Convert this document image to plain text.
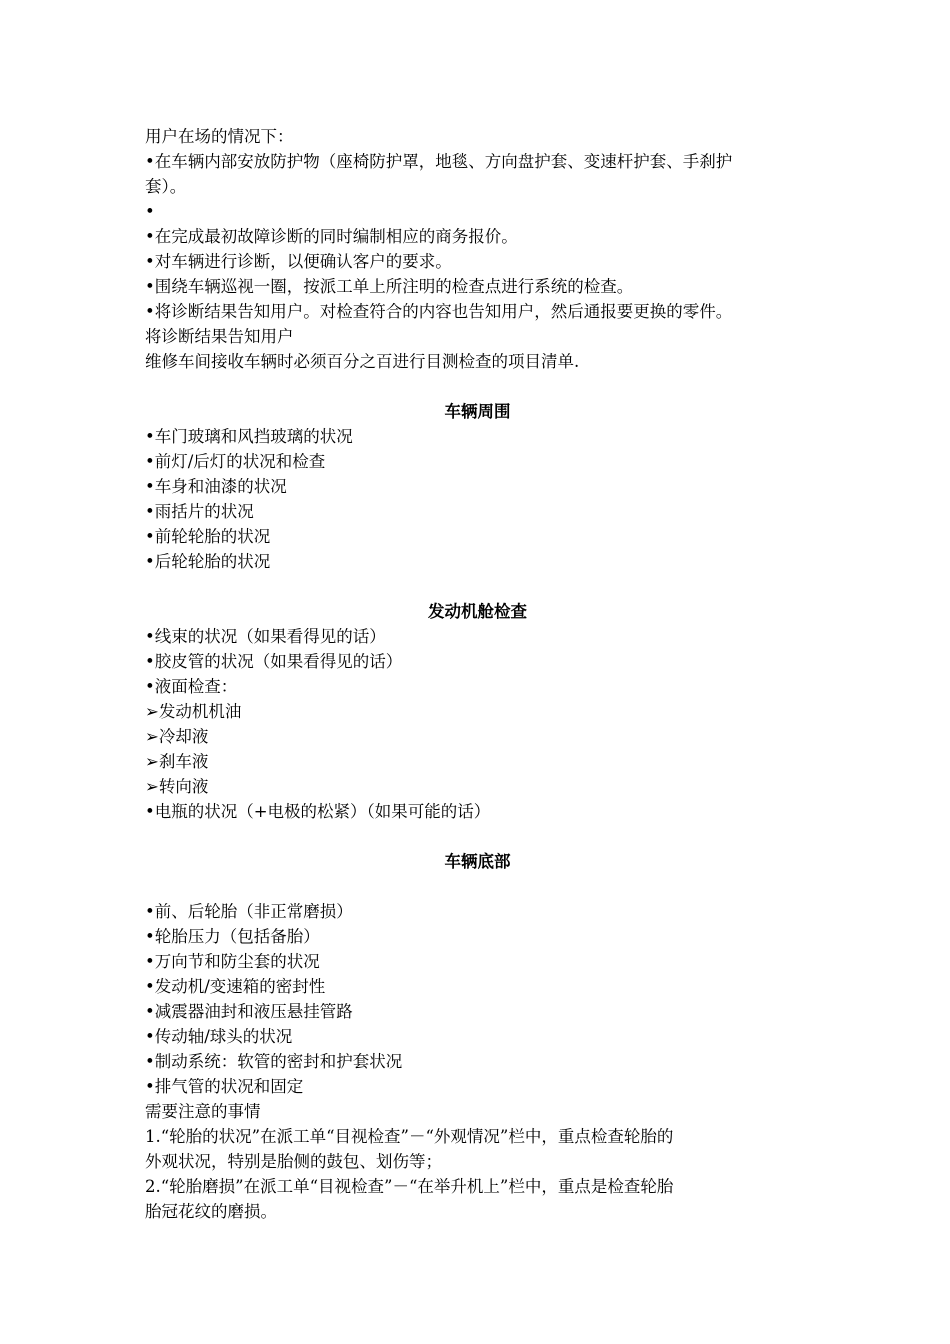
用户在场的情况下：
•在车辆内部安放防护物（座椅防护罩，地毯、方向盘护套、变速杆护套、手刹护
套）。
•
•在完成最初故障诊断的同时编制相应的商务报价。
•对车辆进行诊断，以便确认客户的要求。
•围绕车辆巡视一圈，按派工单上所注明的检查点进行系统的检查。
•将诊断结果告知用户。对检查符合的内容也告知用户，然后通报要更换的零件。
将诊断结果告知用户
维修车间接收车辆时必须百分之百进行目测检查的项目清单.
车辆周围
•车门玻璃和风挡玻璃的状况
•前灯/后灯的状况和检查
•车身和油漆的状况
•雨括片的状况
•前轮轮胎的状况
•后轮轮胎的状况
发动机舱检查
•线束的状况（如果看得见的话）
•胶皮管的状况（如果看得见的话）
•液面检查：
➢发动机机油
➢冷却液
➢刹车液
➢转向液
•电瓶的状况（+电极的松紧）（如果可能的话）
车辆底部
•前、后轮胎（非正常磨损）
•轮胎压力（包括备胎）
•万向节和防尘套的状况
•发动机/变速箱的密封性
•减震器油封和液压悬挂管路
•传动轴/球头的状况
•制动系统：软管的密封和护套状况
•排气管的状况和固定
需要注意的事情
1.“轮胎的状况”在派工单“目视检查”－“外观情况”栏中，重点检查轮胎的
外观状况，特别是胎侧的鼓包、划伤等；
2.“轮胎磨损”在派工单“目视检查”－“在举升机上”栏中，重点是检查轮胎
胎冠花纹的磨损。
